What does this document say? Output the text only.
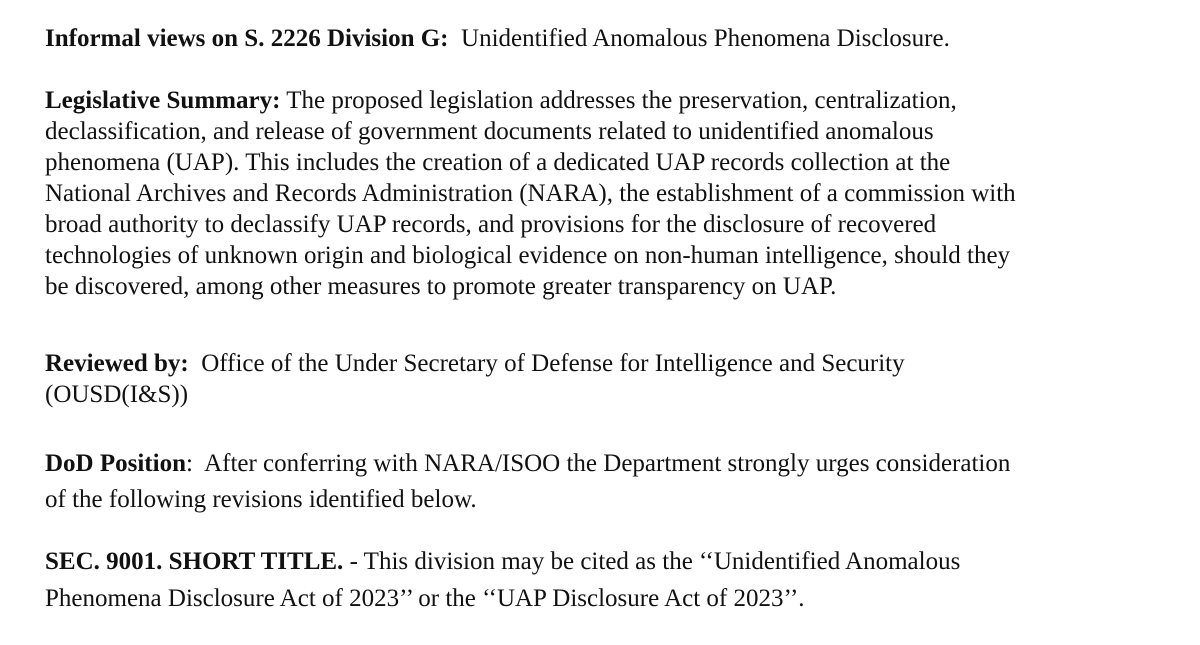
Informal views on S. 2226 Division G: Unidentified Anomalous Phenomena Disclosure.
Legislative Summary: The proposed legislation addresses the preservation, centralization,
declassification, and release of government documents related to unidentified anomalous
phenomena (UAP). This includes the creation of a dedicated UAP records collection at the
National Archives and Records Administration (NARA), the establishment of a commission with
broad authority to declassify UAP records, and provisions for the disclosure of recovered
technologies of unknown origin and biological evidence on non-human intelligence, should they
be discovered, among other measures to promote greater transparency on UAP.
Reviewed by: Office of the Under Secretary of Defense for Intelligence and Security
(OUSD(I&S))
DoD Position: After conferring with NARA/ISOO the Department strongly urges consideration
of the following revisions identified below.
SEC. 9001. SHORT TITLE. - This division may be cited as the ‘‘Unidentified Anomalous
Phenomena Disclosure Act of 2023’’ or the ‘‘UAP Disclosure Act of 2023’’.
